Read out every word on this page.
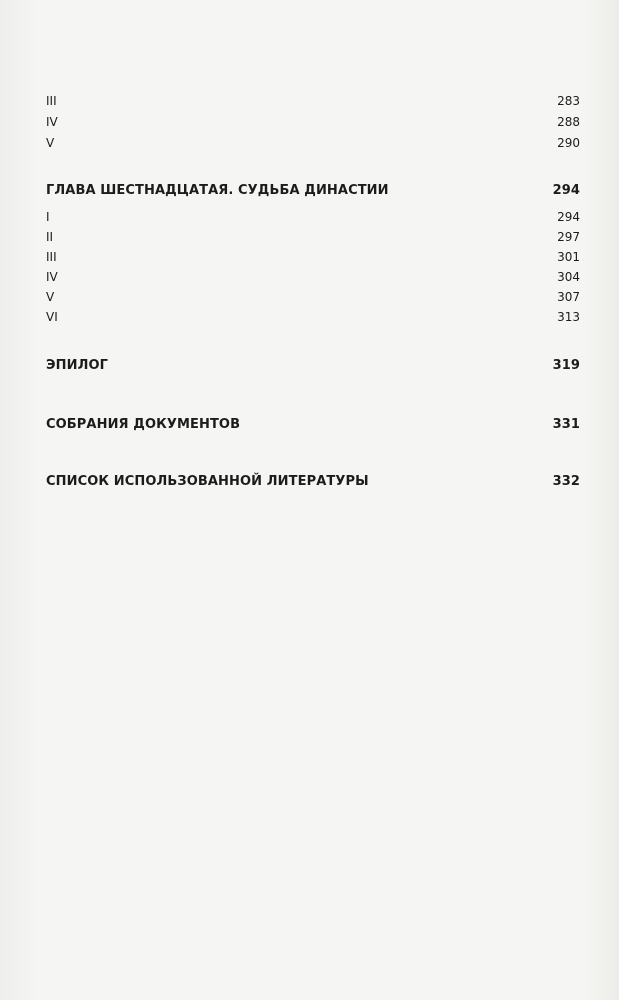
III	283
IV	288
V	290
ГЛАВА ШЕСТНАДЦАТАЯ. СУДЬБА ДИНАСТИИ	294
I	294
II	297
III	301
IV	304
V	307
VI	313
ЭПИЛОГ	319
СОБРАНИЯ ДОКУМЕНТОВ	331
СПИСОК ИСПОЛЬЗОВАННОЙ ЛИТЕРАТУРЫ	332
